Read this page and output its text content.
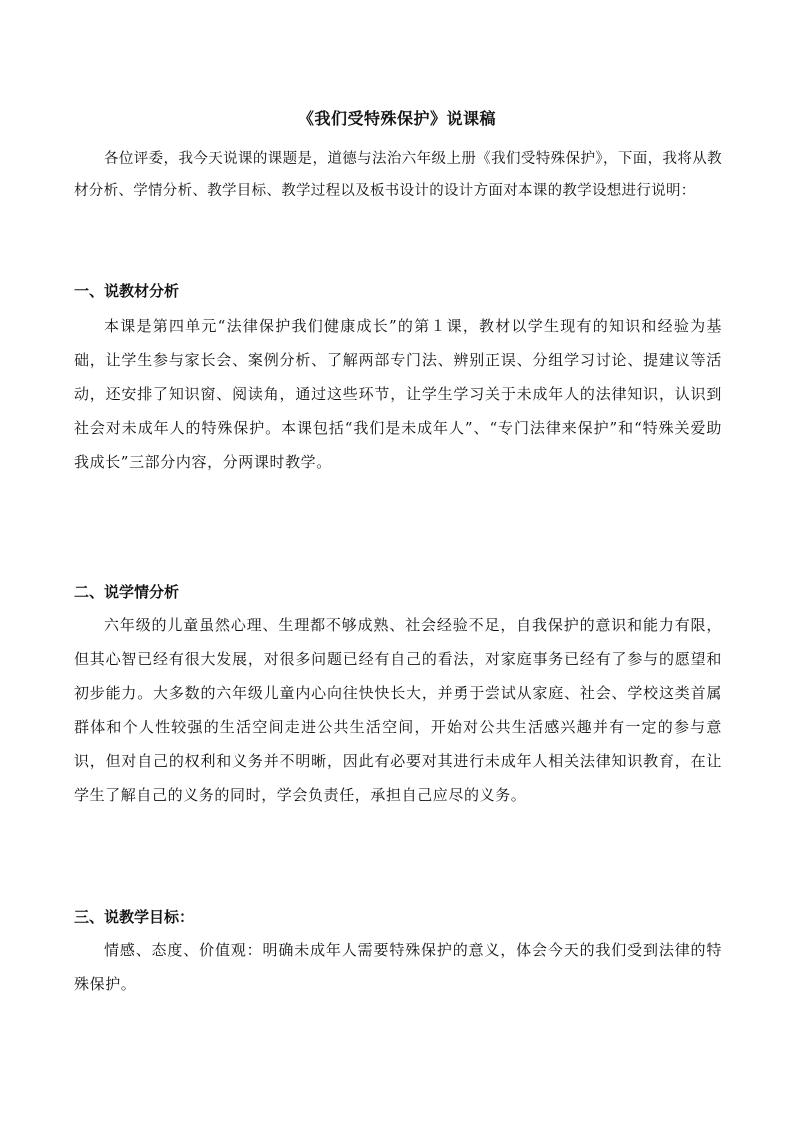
《我们受特殊保护》说课稿
各位评委，我今天说课的课题是，道德与法治六年级上册《我们受特殊保护》，下面，我将从教材分析、学情分析、教学目标、教学过程以及板书设计的设计方面对本课的教学设想进行说明：
一、说教材分析
本课是第四单元“法律保护我们健康成长”的第１课，教材以学生现有的知识和经验为基础，让学生参与家长会、案例分析、了解两部专门法、辨别正误、分组学习讨论、提建议等活动，还安排了知识窗、阅读角，通过这些环节，让学生学习关于未成年人的法律知识，认识到社会对未成年人的特殊保护。本课包括“我们是未成年人”、“专门法律来保护”和“特殊关爱助我成长”三部分内容，分两课时教学。
二、说学情分析
六年级的儿童虽然心理、生理都不够成熟、社会经验不足，自我保护的意识和能力有限，但其心智已经有很大发展，对很多问题已经有自己的看法，对家庭事务已经有了参与的愿望和初步能力。大多数的六年级儿童内心向往快快长大，并勇于尝试从家庭、社会、学校这类首属群体和个人性较强的生活空间走进公共生活空间，开始对公共生活感兴趣并有一定的参与意识，但对自己的权利和义务并不明晰，因此有必要对其进行未成年人相关法律知识教育，在让学生了解自己的义务的同时，学会负责任，承担自己应尽的义务。
三、说教学目标：
情感、态度、价值观：明确未成年人需要特殊保护的意义，体会今天的我们受到法律的特殊保护。
